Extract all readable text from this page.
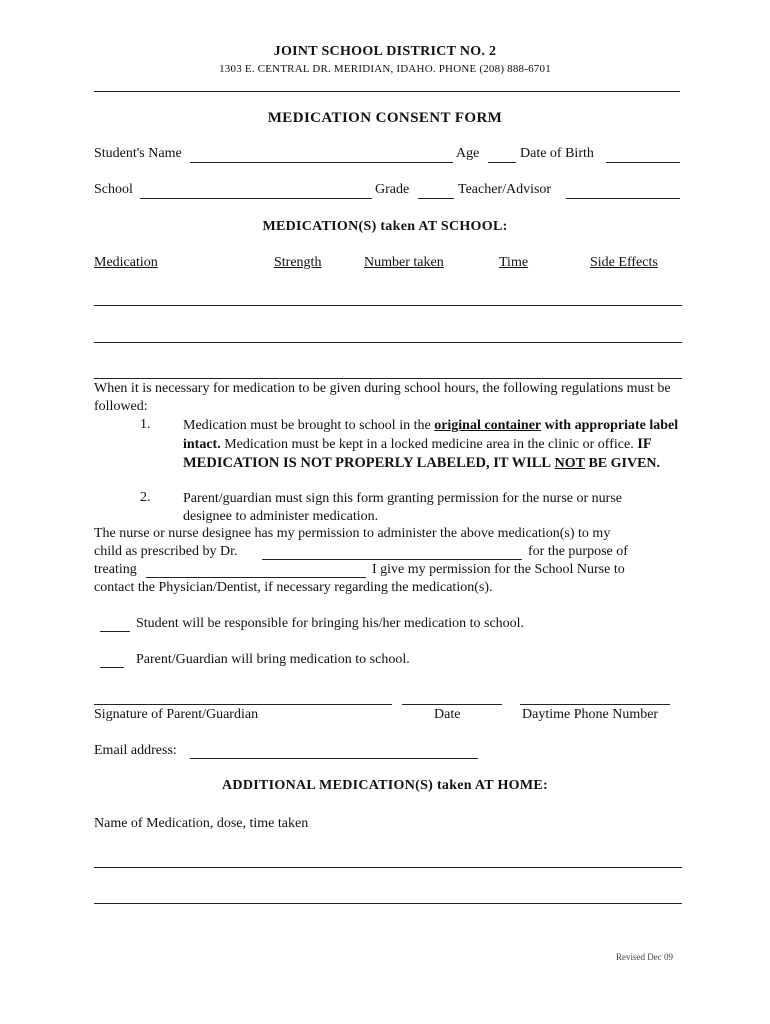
JOINT SCHOOL DISTRICT NO. 2
1303 E. CENTRAL DR. MERIDIAN, IDAHO. PHONE (208) 888-6701
MEDICATION CONSENT FORM
Student's Name	Age	Date of Birth
School	Grade	Teacher/Advisor
MEDICATION(S) taken AT SCHOOL:
Medication	Strength	Number taken	Time	Side Effects
When it is necessary for medication to be given during school hours, the following regulations must be followed:
1. Medication must be brought to school in the original container with appropriate label intact. Medication must be kept in a locked medicine area in the clinic or office. IF MEDICATION IS NOT PROPERLY LABELED, IT WILL NOT BE GIVEN.
2. Parent/guardian must sign this form granting permission for the nurse or nurse designee to administer medication.
The nurse or nurse designee has my permission to administer the above medication(s) to my
child as prescribed by Dr.	for the purpose of
treating	I give my permission for the School Nurse to
contact the Physician/Dentist, if necessary regarding the medication(s).
Student will be responsible for bringing his/her medication to school.
Parent/Guardian will bring medication to school.
Signature of Parent/Guardian	Date	Daytime Phone Number
Email address:
ADDITIONAL MEDICATION(S) taken AT HOME:
Name of Medication, dose, time taken
Revised Dec 09
